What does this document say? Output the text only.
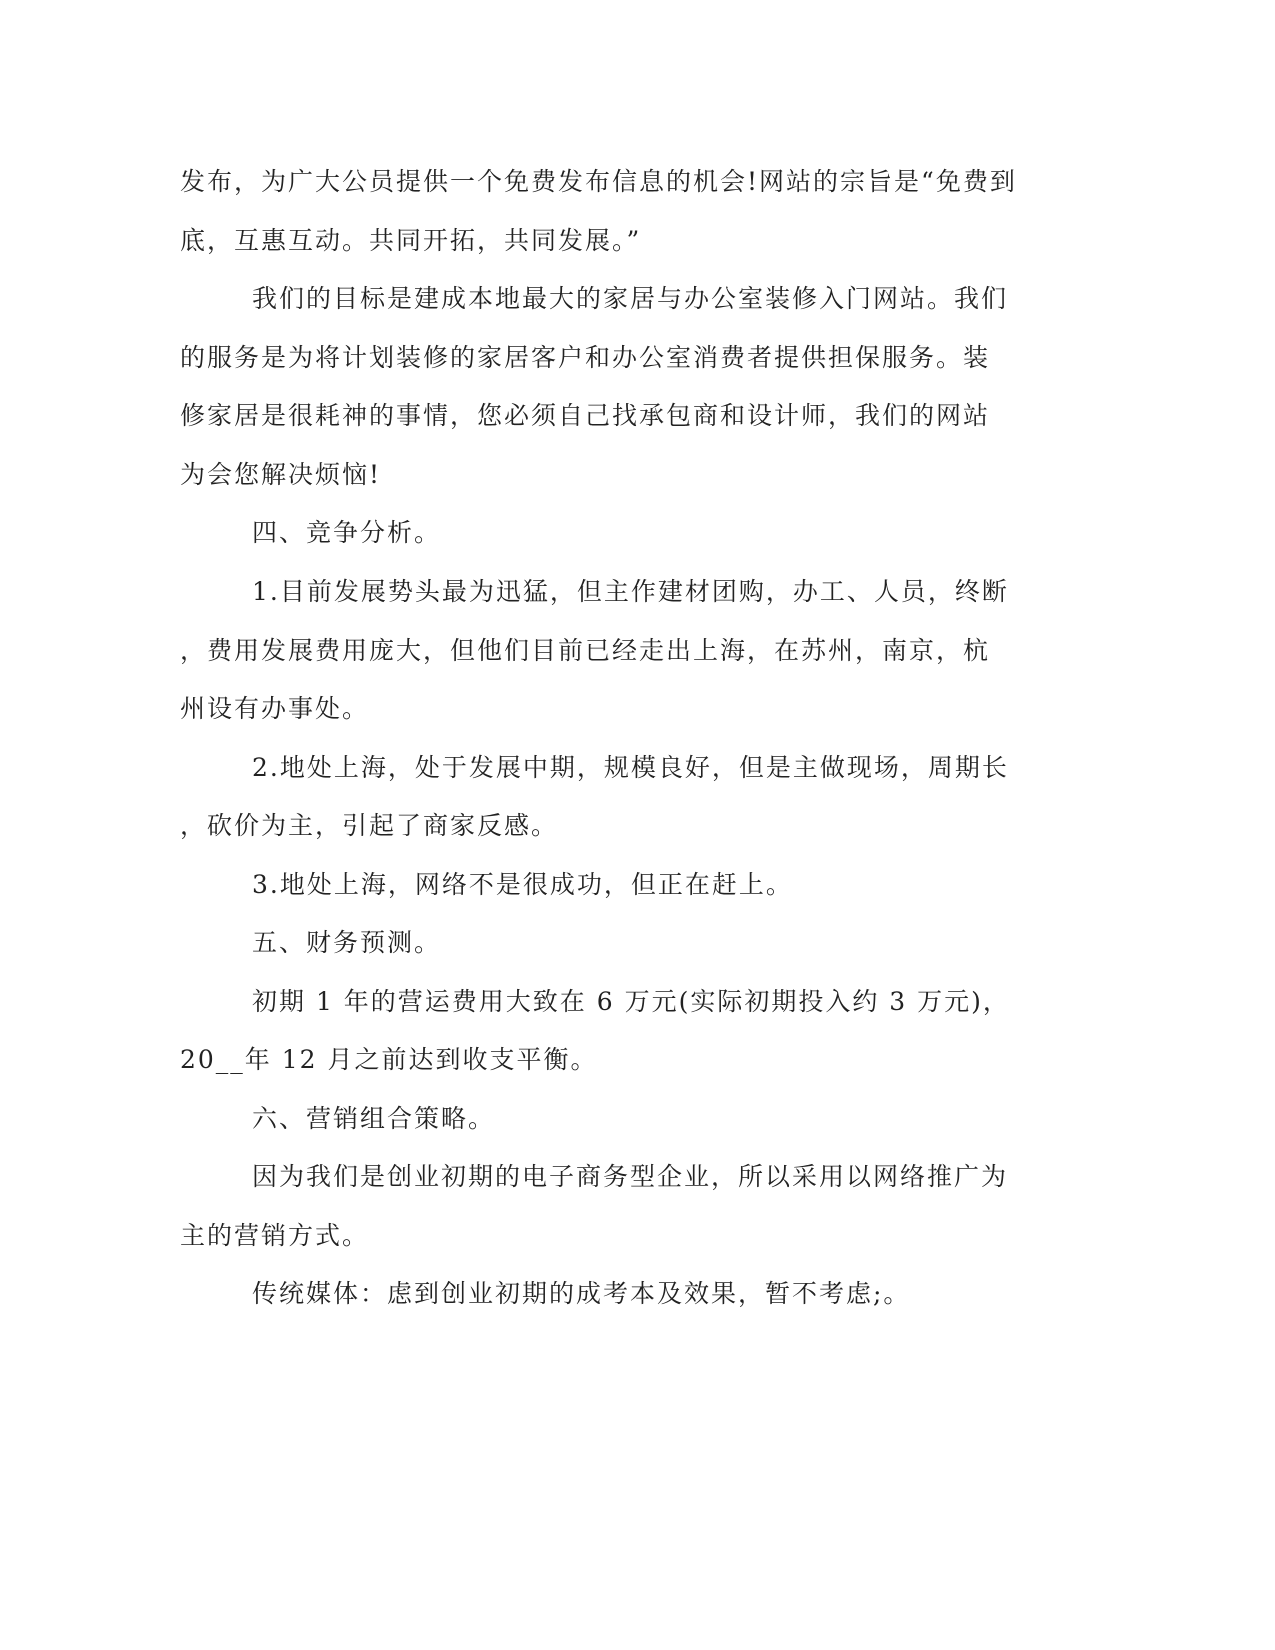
发布，为广大公员提供一个免费发布信息的机会!网站的宗旨是“免费到
底，互惠互动。共同开拓，共同发展。”
我们的目标是建成本地最大的家居与办公室装修入门网站。我们
的服务是为将计划装修的家居客户和办公室消费者提供担保服务。装
修家居是很耗神的事情，您必须自己找承包商和设计师，我们的网站
为会您解决烦恼!
四、竞争分析。
1.目前发展势头最为迅猛，但主作建材团购，办工、人员，终断
，费用发展费用庞大，但他们目前已经走出上海，在苏州，南京，杭
州设有办事处。
2.地处上海，处于发展中期，规模良好，但是主做现场，周期长
，砍价为主，引起了商家反感。
3.地处上海，网络不是很成功，但正在赶上。
五、财务预测。
初期 1 年的营运费用大致在 6 万元(实际初期投入约 3 万元)，
20__年 12 月之前达到收支平衡。
六、营销组合策略。
因为我们是创业初期的电子商务型企业，所以采用以网络推广为
主的营销方式。
传统媒体：虑到创业初期的成考本及效果，暂不考虑;。
